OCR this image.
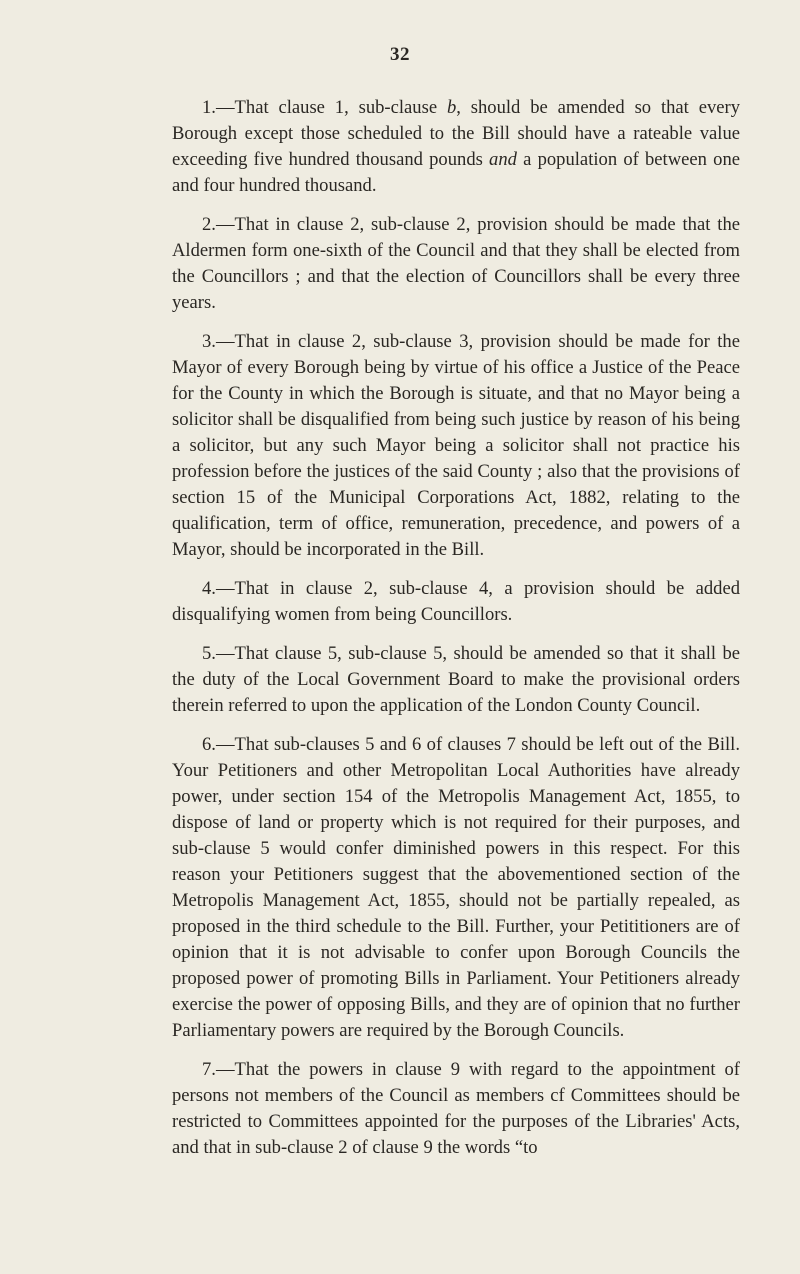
32

1.—That clause 1, sub-clause b, should be amended so that every Borough except those scheduled to the Bill should have a rateable value exceeding five hundred thousand pounds and a population of between one and four hundred thousand.

2.—That in clause 2, sub-clause 2, provision should be made that the Aldermen form one-sixth of the Council and that they shall be elected from the Councillors ; and that the election of Councillors shall be every three years.

3.—That in clause 2, sub-clause 3, provision should be made for the Mayor of every Borough being by virtue of his office a Justice of the Peace for the County in which the Borough is situate, and that no Mayor being a solicitor shall be disqualified from being such justice by reason of his being a solicitor, but any such Mayor being a solicitor shall not practice his profession before the justices of the said County ; also that the provisions of section 15 of the Municipal Corporations Act, 1882, relating to the qualification, term of office, remuneration, precedence, and powers of a Mayor, should be incorporated in the Bill.

4.—That in clause 2, sub-clause 4, a provision should be added disqualifying women from being Councillors.

5.—That clause 5, sub-clause 5, should be amended so that it shall be the duty of the Local Government Board to make the provisional orders therein referred to upon the application of the London County Council.

6.—That sub-clauses 5 and 6 of clauses 7 should be left out of the Bill. Your Petitioners and other Metropolitan Local Authorities have already power, under section 154 of the Metropolis Management Act, 1855, to dispose of land or property which is not required for their purposes, and sub-clause 5 would confer diminished powers in this respect. For this reason your Petitioners suggest that the abovementioned section of the Metropolis Management Act, 1855, should not be partially repealed, as proposed in the third schedule to the Bill. Further, your Petititioners are of opinion that it is not advisable to confer upon Borough Councils the proposed power of promoting Bills in Parliament. Your Petitioners already exercise the power of opposing Bills, and they are of opinion that no further Parliamentary powers are required by the Borough Councils.

7.—That the powers in clause 9 with regard to the appointment of persons not members of the Council as members cf Committees should be restricted to Committees appointed for the purposes of the Libraries' Acts, and that in sub-clause 2 of clause 9 the words “to
